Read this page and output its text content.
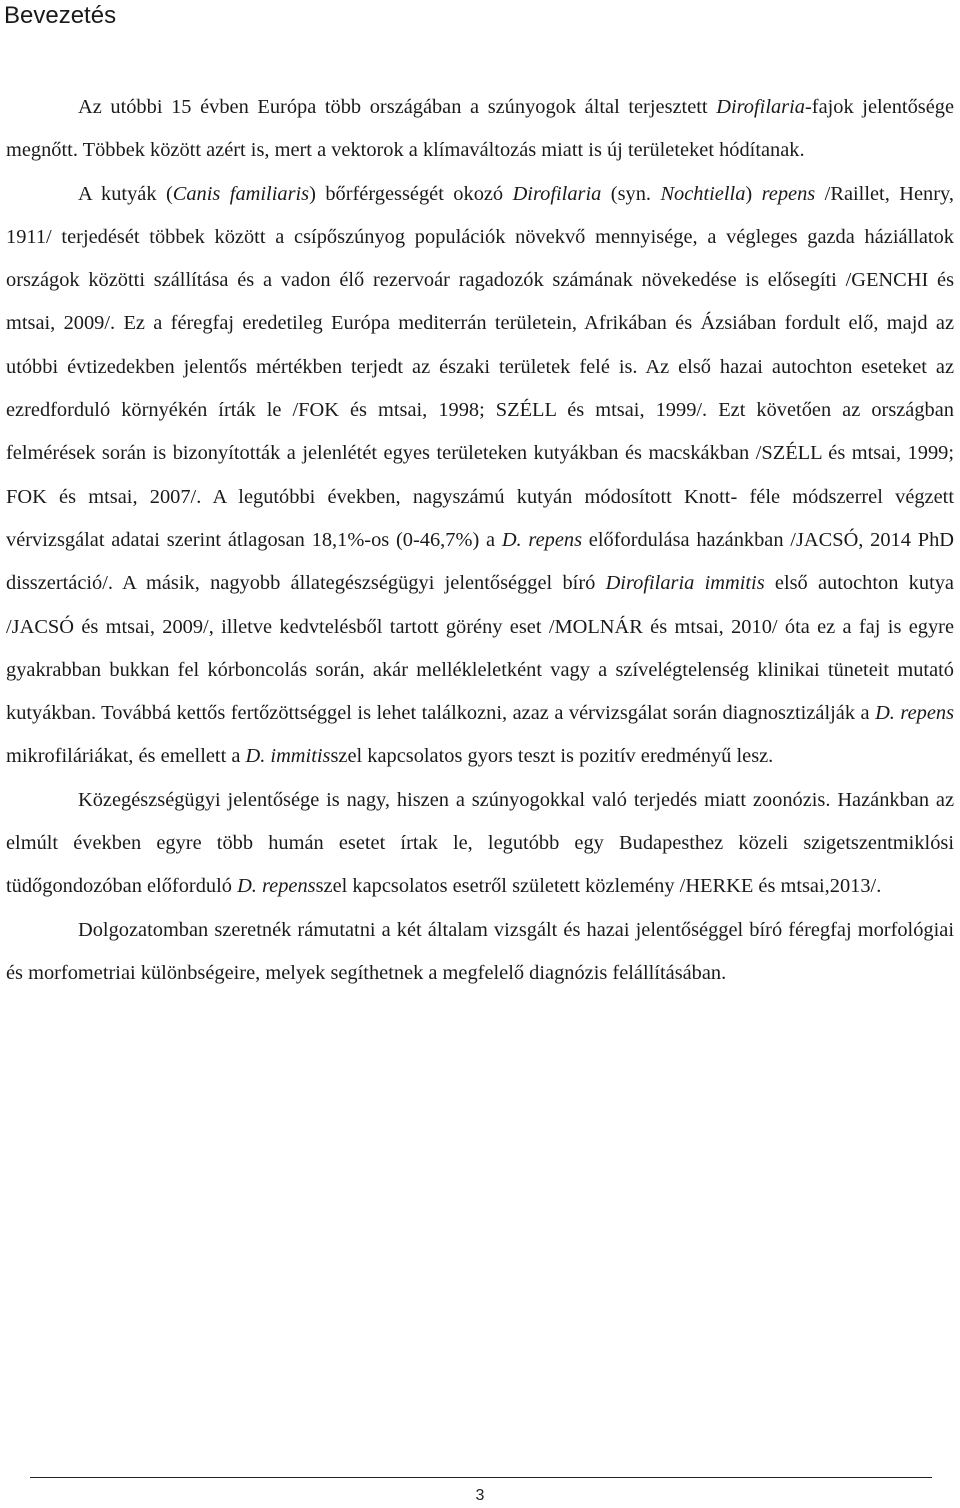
Bevezetés

Az utóbbi 15 évben Európa több országában a szúnyogok által terjesztett Dirofilaria-fajok jelentősége megnőtt. Többek között azért is, mert a vektorok a klímaváltozás miatt is új területeket hódítanak.

A kutyák (Canis familiaris) bőrférgességét okozó Dirofilaria (syn. Nochtiella) repens /Raillet, Henry, 1911/ terjedését többek között a csípőszúnyog populációk növekvő mennyisége, a végleges gazda háziállatok országok közötti szállítása és a vadon élő rezervoár ragadozók számának növekedése is elősegíti /GENCHI és mtsai, 2009/. Ez a féregfaj eredetileg Európa mediterrán területein, Afrikában és Ázsiában fordult elő, majd az utóbbi évtizedekben jelentős mértékben terjedt az északi területek felé is. Az első hazai autochton eseteket az ezredforduló környékén írták le /FOK és mtsai, 1998; SZÉLL és mtsai, 1999/. Ezt követően az országban felmérések során is bizonyították a jelenlétét egyes területeken kutyákban és macskákban /SZÉLL és mtsai, 1999; FOK és mtsai, 2007/. A legutóbbi években, nagyszámú kutyán módosított Knott- féle módszerrel végzett vérvizsgálat adatai szerint átlagosan 18,1%-os (0-46,7%) a D. repens előfordulása hazánkban /JACSÓ, 2014 PhD disszertáció/. A másik, nagyobb állategészségügyi jelentőséggel bíró Dirofilaria immitis első autochton kutya /JACSÓ és mtsai, 2009/, illetve kedvtelésből tartott görény eset /MOLNÁR és mtsai, 2010/ óta ez a faj is egyre gyakrabban bukkan fel kórboncolás során, akár mellékleletként vagy a szívelégtelenség klinikai tüneteit mutató kutyákban. Továbbá kettős fertőzöttséggel is lehet találkozni, azaz a vérvizsgálat során diagnosztizálják a D. repens mikrofiláriákat, és emellett a D. immitisszel kapcsolatos gyors teszt is pozitív eredményű lesz.

Közegészségügyi jelentősége is nagy, hiszen a szúnyogokkal való terjedés miatt zoonózis. Hazánkban az elmúlt években egyre több humán esetet írtak le, legutóbb egy Budapesthez közeli szigetszentmiklósi tüdőgondozóban előforduló D. repensszel kapcsolatos esetről született közlemény /HERKE és mtsai,2013/.

Dolgozatomban szeretnék rámutatni a két általam vizsgált és hazai jelentőséggel bíró féregfaj morfológiai és morfometriai különbségeire, melyek segíthetnek a megfelelő diagnózis felállításában.

3
